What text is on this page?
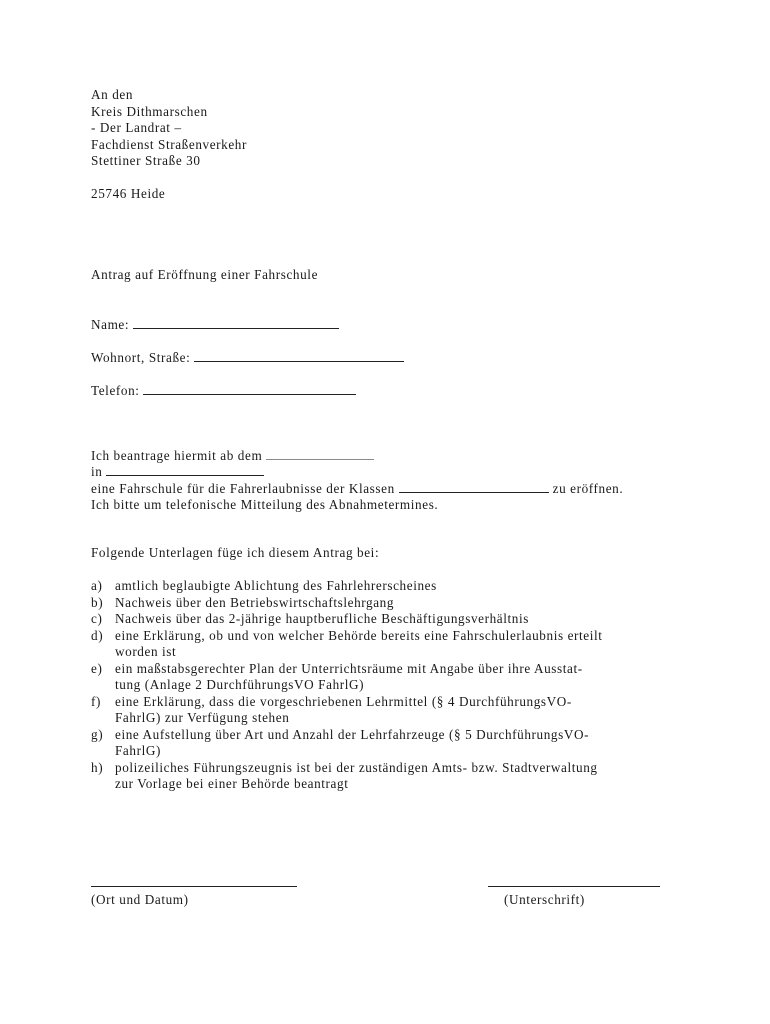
An den
Kreis Dithmarschen
- Der Landrat –
Fachdienst Straßenverkehr
Stettiner Straße 30
25746 Heide
Antrag auf Eröffnung einer Fahrschule
Name:
Wohnort, Straße:
Telefon:
Ich beantrage hiermit ab dem
in
eine Fahrschule für die Fahrerlaubnisse der Klassen	zu eröffnen.
Ich bitte um telefonische Mitteilung des Abnahmetermines.
Folgende Unterlagen füge ich diesem Antrag bei:
a) amtlich beglaubigte Ablichtung des Fahrlehrerscheines
b) Nachweis über den Betriebswirtschaftslehrgang
c) Nachweis über das 2-jährige hauptberufliche Beschäftigungsverhältnis
d) eine Erklärung, ob und von welcher Behörde bereits eine Fahrschulerlaubnis erteilt
worden ist
e) ein maßstabsgerechter Plan der Unterrichtsräume mit Angabe über ihre Ausstat-
tung (Anlage 2 DurchführungsVO FahrlG)
f)	eine Erklärung, dass die vorgeschriebenen Lehrmittel (§ 4 DurchführungsVO-
FahrlG) zur Verfügung stehen
g) eine Aufstellung über Art und Anzahl der Lehrfahrzeuge (§ 5 DurchführungsVO-
FahrlG)
h) polizeiliches Führungszeugnis ist bei der zuständigen Amts- bzw. Stadtverwaltung
zur Vorlage bei einer Behörde beantragt
(Ort und Datum)	(Unterschrift)
